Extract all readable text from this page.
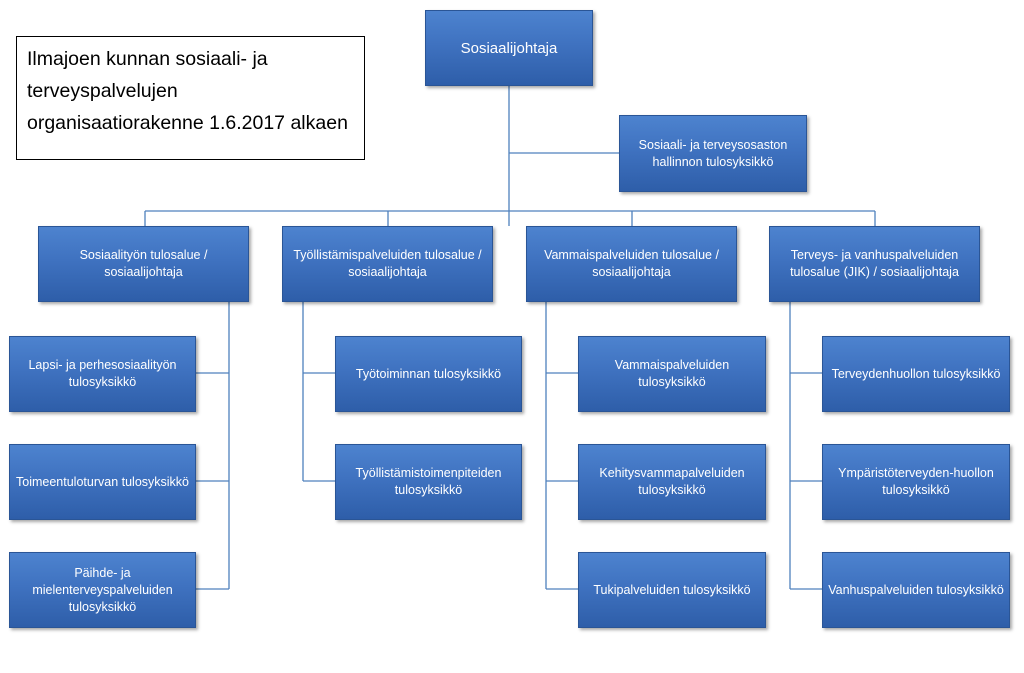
Ilmajoen kunnan sosiaali- ja terveyspalvelujen organisaatiorakenne 1.6.2017 alkaen
Sosiaalijohtaja
Sosiaali- ja terveysosaston hallinnon tulosyksikkö
Sosiaalityön tulosalue / sosiaalijohtaja
Työllistämispalveluiden tulosalue / sosiaalijohtaja
Vammaispalveluiden tulosalue / sosiaalijohtaja
Terveys- ja vanhuspalveluiden tulosalue (JIK) / sosiaalijohtaja
Lapsi- ja perhesosiaalityön tulosyksikkö
Toimeentuloturvan tulosyksikkö
Päihde- ja mielenterveyspalveluiden tulosyksikkö
Työtoiminnan tulosyksikkö
Työllistämistoimenpiteiden tulosyksikkö
Vammaispalveluiden tulosyksikkö
Kehitysvammapalveluiden tulosyksikkö
Tukipalveluiden tulosyksikkö
Terveydenhuollon tulosyksikkö
Ympäristöterveyden-huollon tulosyksikkö
Vanhuspalveluiden tulosyksikkö
